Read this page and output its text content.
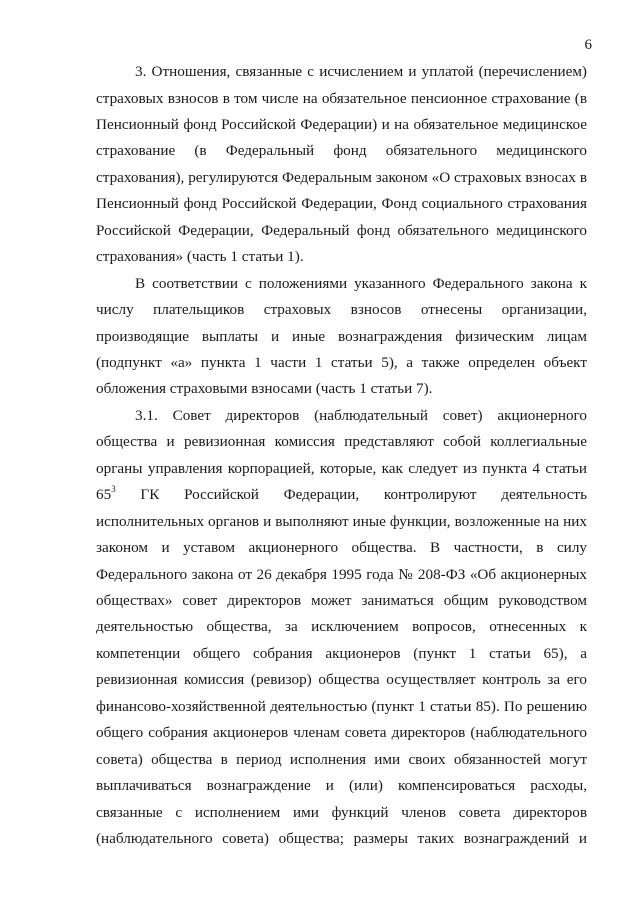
6
3. Отношения, связанные с исчислением и уплатой (перечислением)
страховых взносов в том числе на обязательное пенсионное страхование (в
Пенсионный фонд Российской Федерации) и на обязательное медицинское
страхование (в Федеральный фонд обязательного медицинского
страхования), регулируются Федеральным законом «О страховых взносах в
Пенсионный фонд Российской Федерации, Фонд социального страхования
Российской Федерации, Федеральный фонд обязательного медицинского
страхования» (часть 1 статьи 1).
В соответствии с положениями указанного Федерального закона к
числу плательщиков страховых взносов отнесены организации,
производящие выплаты и иные вознаграждения физическим лицам
(подпункт «а» пункта 1 части 1 статьи 5), а также определен объект
обложения страховыми взносами (часть 1 статьи 7).
3.1. Совет директоров (наблюдательный совет) акционерного
общества и ревизионная комиссия представляют собой коллегиальные
органы управления корпорацией, которые, как следует из пункта 4 статьи
$65^3$ ГК Российской Федерации, контролируют деятельность
исполнительных органов и выполняют иные функции, возложенные на них
законом и уставом акционерного общества. В частности, в силу
Федерального закона от 26 декабря 1995 года № 208-ФЗ «Об акционерных
обществах» совет директоров может заниматься общим руководством
деятельностью общества, за исключением вопросов, отнесенных к
компетенции общего собрания акционеров (пункт 1 статьи 65), а
ревизионная комиссия (ревизор) общества осуществляет контроль за его
финансово-хозяйственной деятельностью (пункт 1 статьи 85). По решению
общего собрания акционеров членам совета директоров (наблюдательного
совета) общества в период исполнения ими своих обязанностей могут
выплачиваться вознаграждение и (или) компенсироваться расходы,
связанные с исполнением ими функций членов совета директоров
(наблюдательного совета) общества; размеры таких вознаграждений и
